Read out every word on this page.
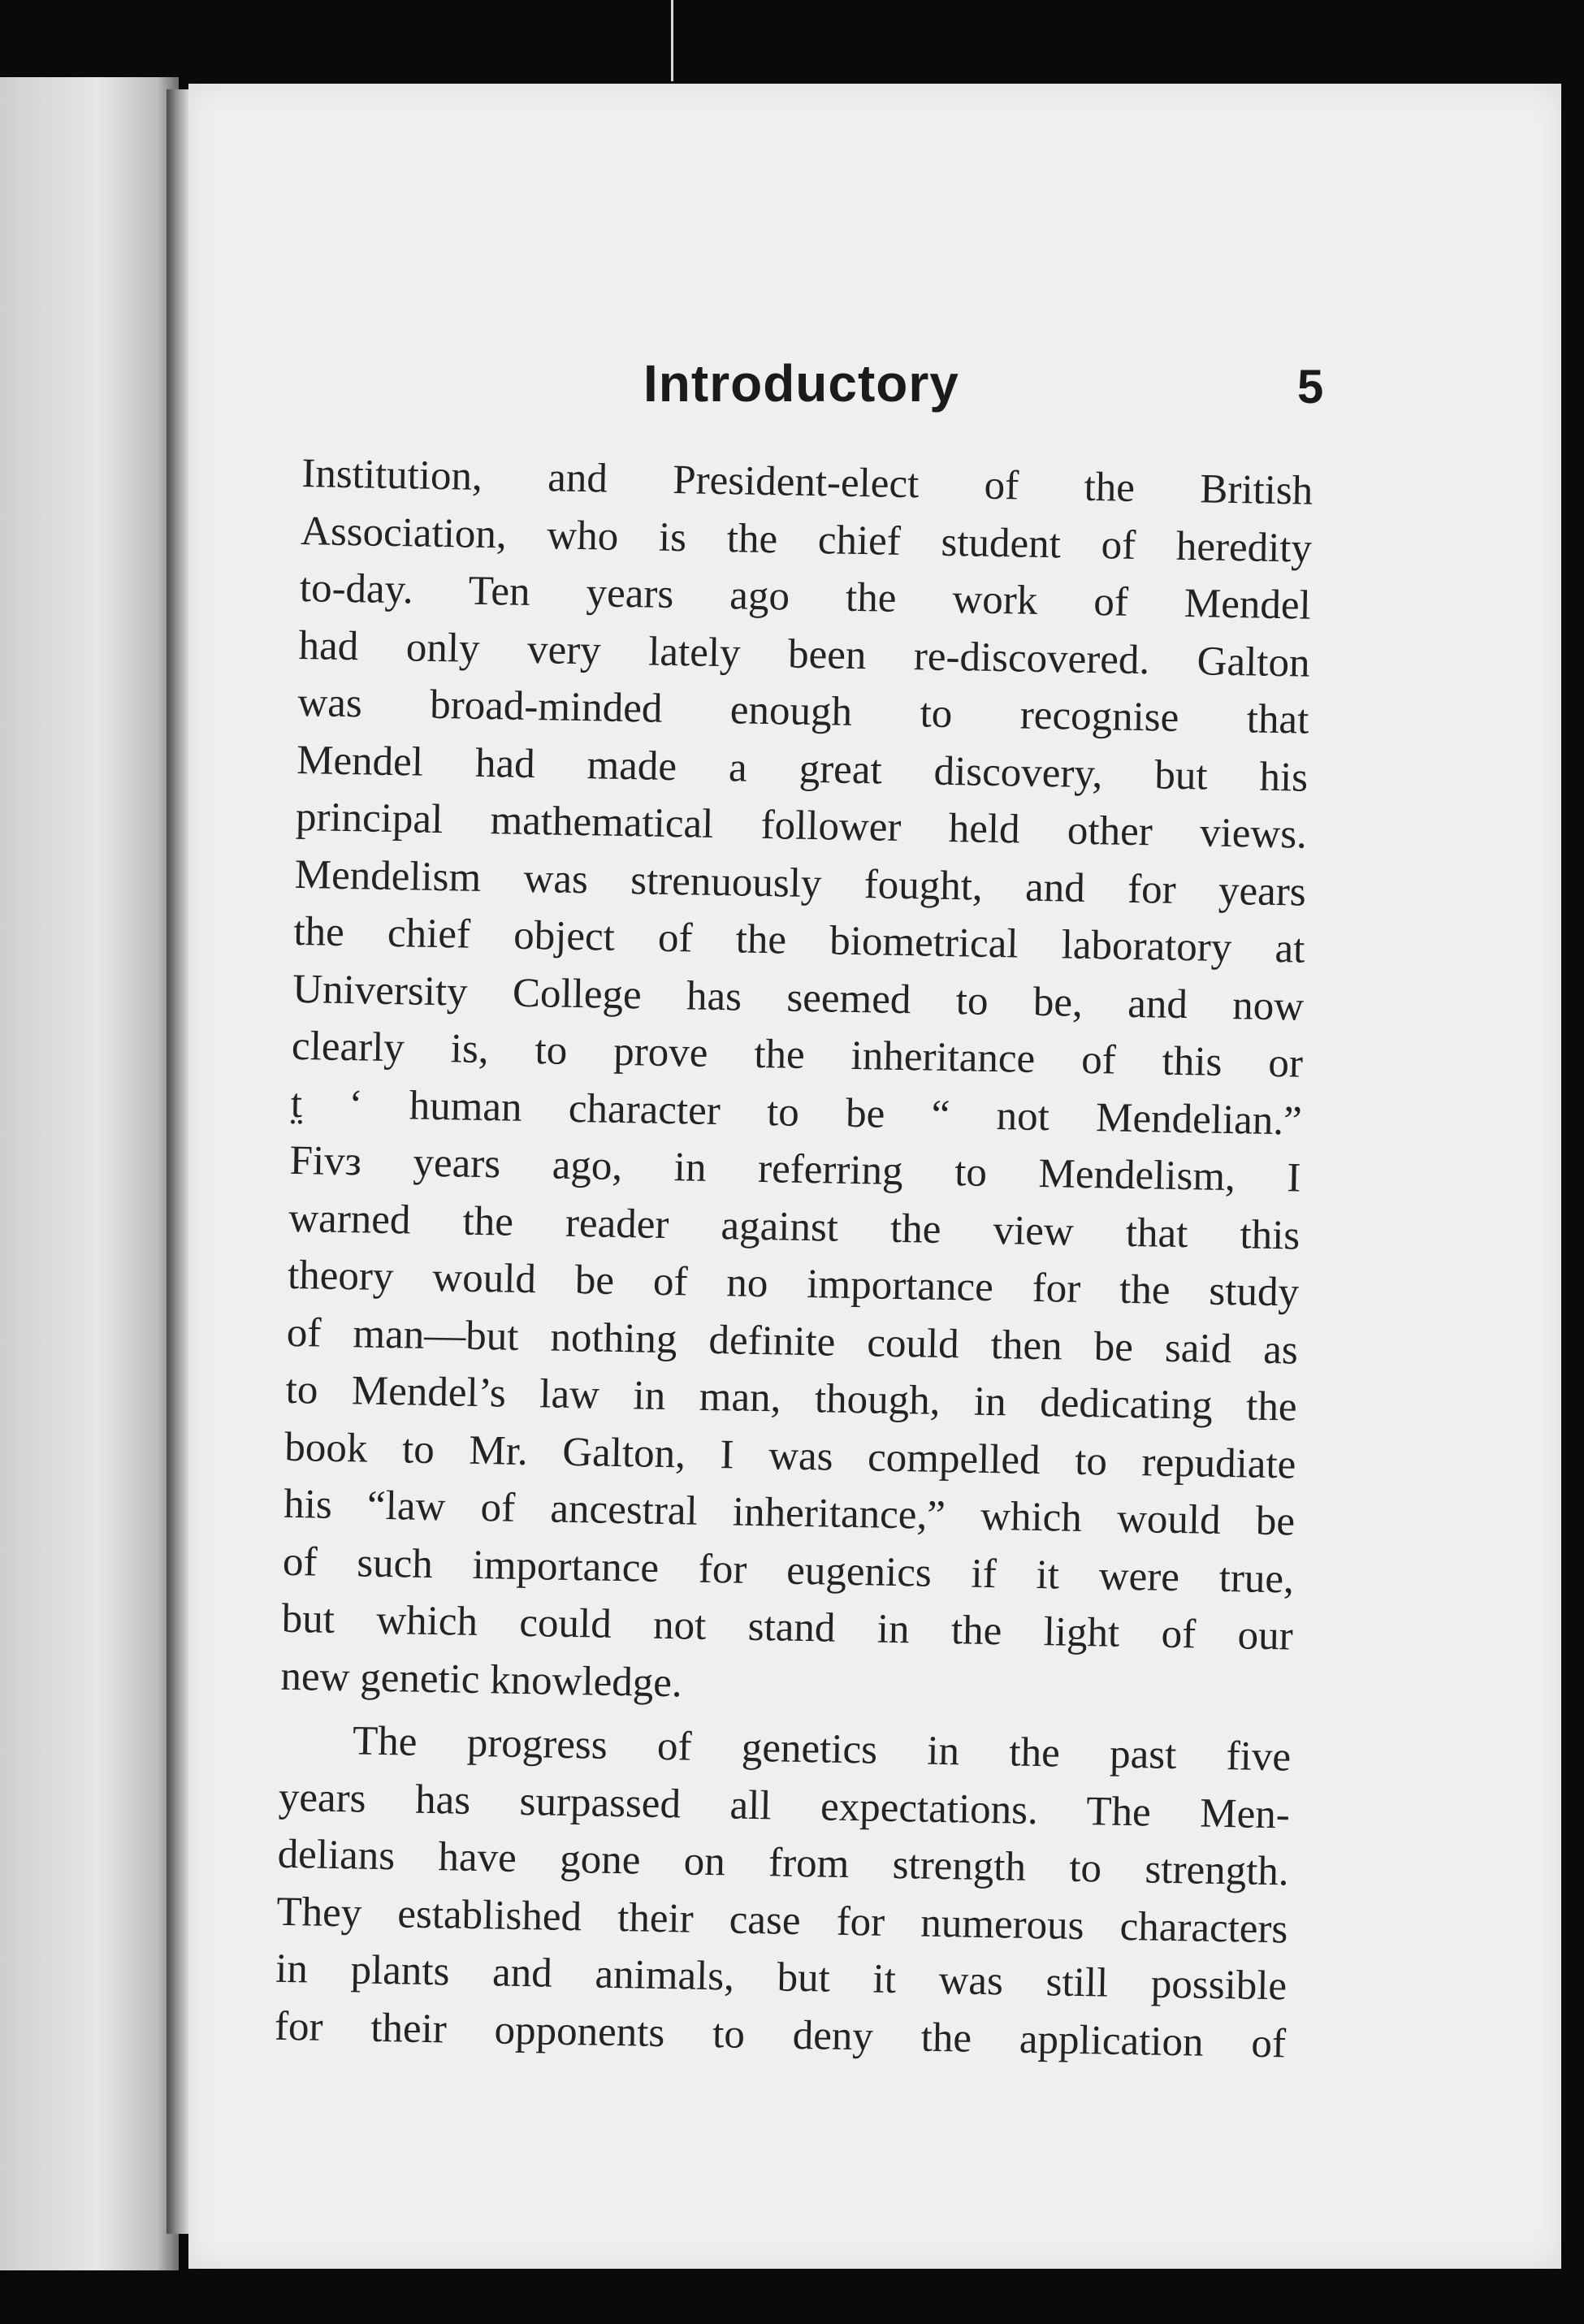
Introductory	5
Institution, and President-elect of the British
Association, who is the chief student of heredity
to-day. Ten years ago the work of Mendel
had only very lately been re-discovered. Galton
was broad-minded enough to recognise that
Mendel had made a great discovery, but his
principal mathematical follower held other views.
Mendelism was strenuously fought, and for years
the chief object of the biometrical laboratory at
University College has seemed to be, and now
clearly is, to prove the inheritance of this or
t̤ ʻ human character to be “ not Mendelian.”
Fiᴠз years ago, in referring to Mendelism, I
warned the reader against the view that this
theory would be of no importance for the study
of man—but nothing definite could then be said as
to Mendel’s law in man, though, in dedicating the
book to Mr. Galton, I was compelled to repudiate
his “law of ancestral inheritance,” which would be
of such importance for eugenics if it were true,
but which could not stand in the light of our
new genetic knowledge.
The progress of genetics in the past five
years has surpassed all expectations. The Men-
delians have gone on from strength to strength.
They established their case for numerous characters
in plants and animals, but it was still possible
for their opponents to deny the application of
